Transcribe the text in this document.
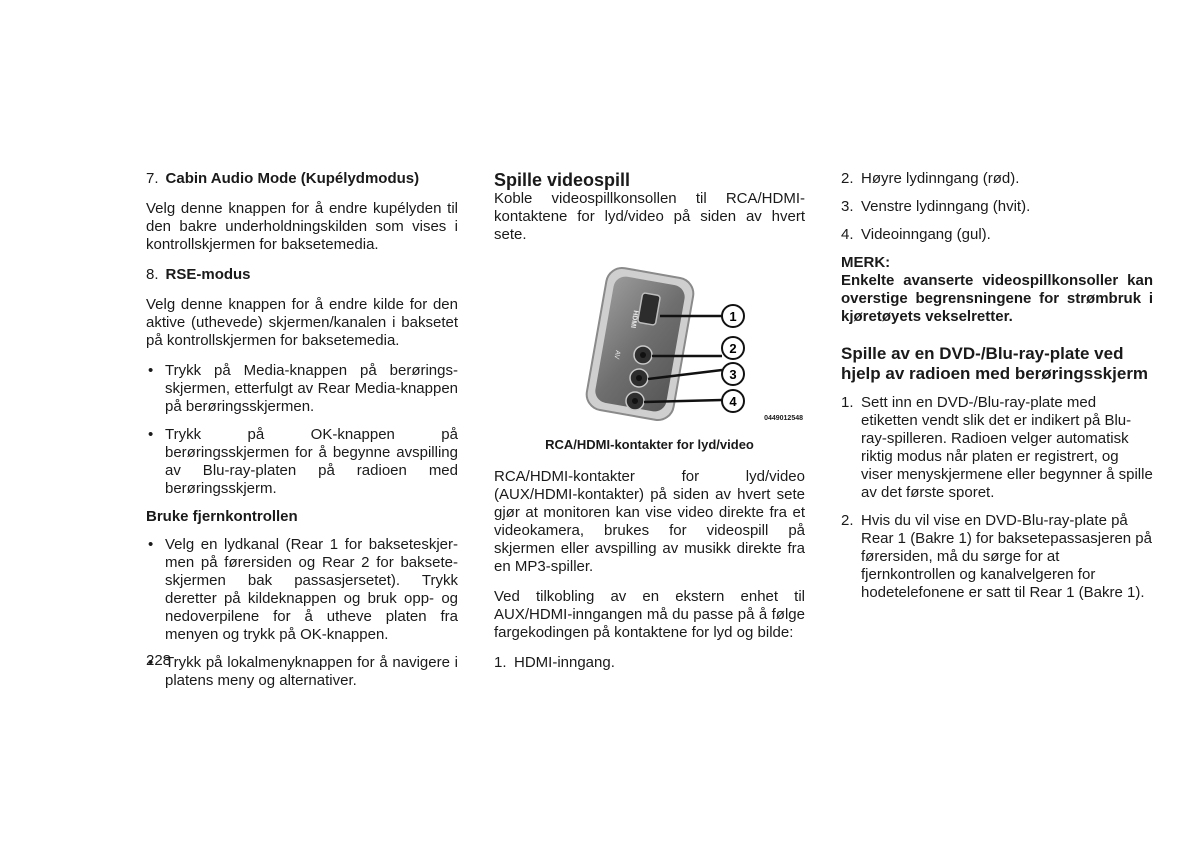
7. Cabin Audio Mode (Kupélydmodus)

Velg denne knappen for å endre kupélyden til den bakre underholdningskilden som vises i kontrollskjermen for baksetemedia.

8. RSE-modus

Velg denne knappen for å endre kilde for den aktive (uthevede) skjermen/kanalen i baksetet på kontrollskjermen for baksetemedia.

• Trykk på Media-knappen på berørings-skjermen, etterfulgt av Rear Media-knappen på berøringsskjermen.
• Trykk på OK-knappen på berøringsskjermen for å begynne avspilling av Blu-ray-platen på radioen med berøringsskjerm.
Bruke fjernkontrollen
• Velg en lydkanal (Rear 1 for bakseteskjermen på førersiden og Rear 2 for bakseteskjermen bak passasjersetet). Trykk deretter på kildeknappen og bruk opp- og nedoverpilene for å utheve platen fra menyen og trykk på OK-knappen.
• Trykk på lokalmenyknappen for å navigere i platens meny og alternativer.
228
Spille videospill

Koble videospillkonsollen til RCA/HDMI-kontaktene for lyd/video på siden av hvert sete.

HDMI
AV
1
2
3
4
0449012548
RCA/HDMI-kontakter for lyd/video

RCA/HDMI-kontakter for lyd/video (AUX/HDMI-kontakter) på siden av hvert sete gjør at monitoren kan vise video direkte fra et videokamera, brukes for videospill på skjermen eller avspilling av musikk direkte fra en MP3-spiller.

Ved tilkobling av en ekstern enhet til AUX/HDMI-inngangen må du passe på å følge fargekodingen på kontaktene for lyd og bilde:

1. HDMI-inngang.
2. Høyre lydinngang (rød).
3. Venstre lydinngang (hvit).
4. Videoinngang (gul).
MERK:
Enkelte avanserte videospillkonsoller kan overstige begrensningene for strømbruk i kjøretøyets vekselretter.
Spille av en DVD-/Blu-ray-plate ved hjelp av radioen med berøringsskjerm
1. Sett inn en DVD-/Blu-ray-plate med etiketten vendt slik det er indikert på Blu-ray-spilleren. Radioen velger automatisk riktig modus når platen er registrert, og viser menyskjermene eller begynner å spille av det første sporet.
2. Hvis du vil vise en DVD-Blu-ray-plate på Rear 1 (Bakre 1) for baksetepassasjeren på førersiden, må du sørge for at fjernkontrollen og kanalvelgeren for hodetelefonene er satt til Rear 1 (Bakre 1).
